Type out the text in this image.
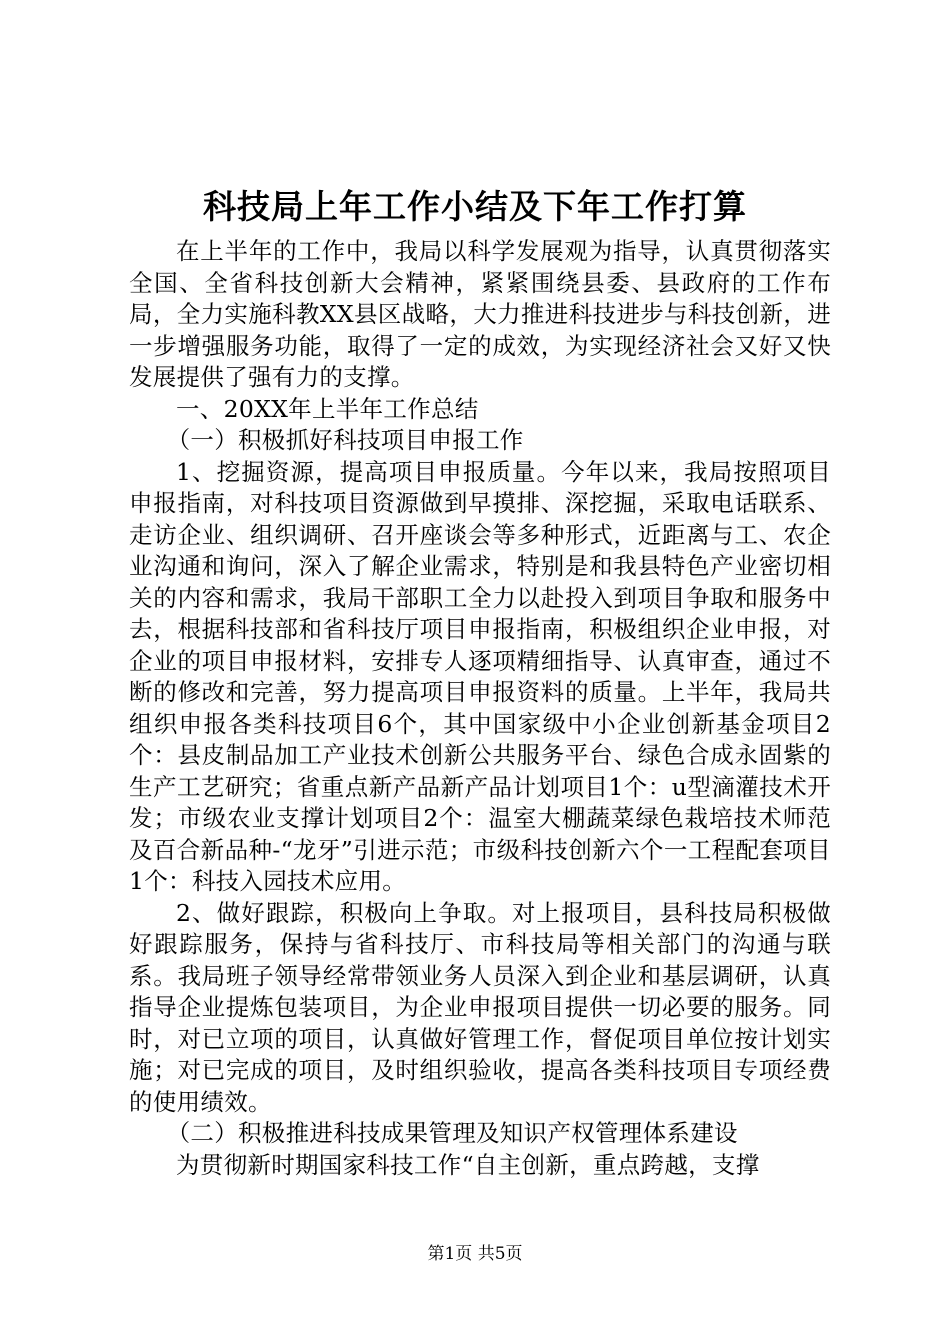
科技局上年工作小结及下年工作打算

在上半年的工作中，我局以科学发展观为指导，认真贯彻落实全国、全省科技创新大会精神，紧紧围绕县委、县政府的工作布局，全力实施科教XX县区战略，大力推进科技进步与科技创新，进一步增强服务功能，取得了一定的成效，为实现经济社会又好又快发展提供了强有力的支撑。

一、20XX年上半年工作总结

（一）积极抓好科技项目申报工作

1、挖掘资源，提高项目申报质量。今年以来，我局按照项目申报指南，对科技项目资源做到早摸排、深挖掘，采取电话联系、走访企业、组织调研、召开座谈会等多种形式，近距离与工、农企业沟通和询问，深入了解企业需求，特别是和我县特色产业密切相关的内容和需求，我局干部职工全力以赴投入到项目争取和服务中去，根据科技部和省科技厅项目申报指南，积极组织企业申报，对企业的项目申报材料，安排专人逐项精细指导、认真审查，通过不断的修改和完善，努力提高项目申报资料的质量。上半年，我局共组织申报各类科技项目6个，其中国家级中小企业创新基金项目2个：县皮制品加工产业技术创新公共服务平台、绿色合成永固紫的生产工艺研究；省重点新产品新产品计划项目1个：u型滴灌技术开发；市级农业支撑计划项目2个：温室大棚蔬菜绿色栽培技术师范及百合新品种-“龙牙”引进示范；市级科技创新六个一工程配套项目1个：科技入园技术应用。

2、做好跟踪，积极向上争取。对上报项目，县科技局积极做好跟踪服务，保持与省科技厅、市科技局等相关部门的沟通与联系。我局班子领导经常带领业务人员深入到企业和基层调研，认真指导企业提炼包装项目，为企业申报项目提供一切必要的服务。同时，对已立项的项目，认真做好管理工作，督促项目单位按计划实施；对已完成的项目，及时组织验收，提高各类科技项目专项经费的使用绩效。

（二）积极推进科技成果管理及知识产权管理体系建设

为贯彻新时期国家科技工作“自主创新，重点跨越，支撑

第1页 共5页
